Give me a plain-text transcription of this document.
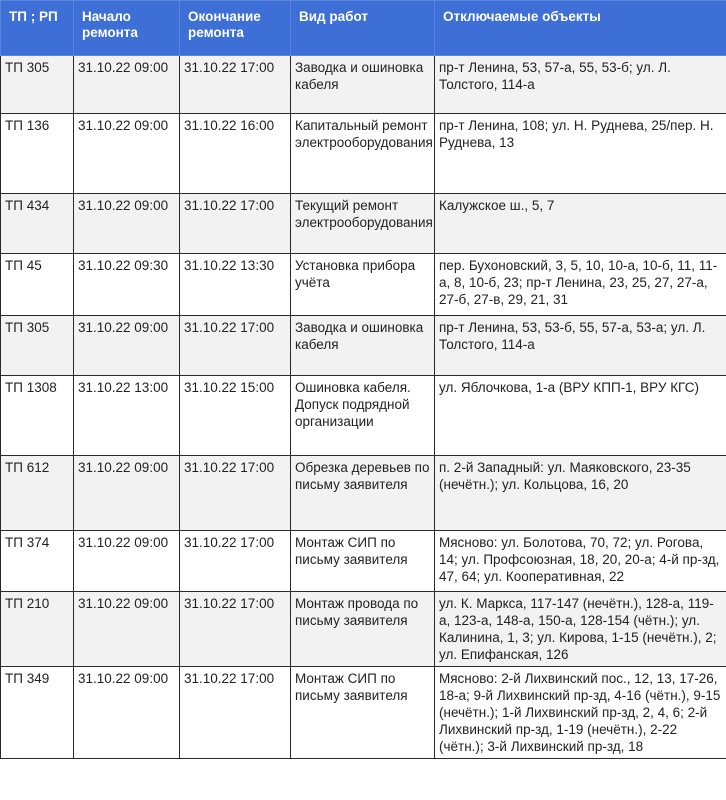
ТП ; РП	Начало ремонта	Окончание ремонта	Вид работ	Отключаемые объекты
ТП 305	31.10.22 09:00	31.10.22 17:00	Заводка и ошиновка кабеля	пр-т Ленина, 53, 57-а, 55, 53-б; ул. Л. Толстого, 114-а
ТП 136	31.10.22 09:00	31.10.22 16:00	Капитальный ремонт электрооборудования	пр-т Ленина, 108; ул. Н. Руднева, 25/пер. Н. Руднева, 13
ТП 434	31.10.22 09:00	31.10.22 17:00	Текущий ремонт электрооборудования	Калужское ш., 5, 7
ТП 45	31.10.22 09:30	31.10.22 13:30	Установка прибора учёта	пер. Бухоновский, 3, 5, 10, 10-а, 10-б, 11, 11-а, 8, 10-б, 23; пр-т Ленина, 23, 25, 27, 27-а, 27-б, 27-в, 29, 21, 31
ТП 305	31.10.22 09:00	31.10.22 17:00	Заводка и ошиновка кабеля	пр-т Ленина, 53, 53-б, 55, 57-а, 53-а; ул. Л. Толстого, 114-а
ТП 1308	31.10.22 13:00	31.10.22 15:00	Ошиновка кабеля. Допуск подрядной организации	ул. Яблочкова, 1-а (ВРУ КПП-1, ВРУ КГС)
ТП 612	31.10.22 09:00	31.10.22 17:00	Обрезка деревьев по письму заявителя	п. 2-й Западный: ул. Маяковского, 23-35 (нечётн.); ул. Кольцова, 16, 20
ТП 374	31.10.22 09:00	31.10.22 17:00	Монтаж СИП по письму заявителя	Мясново: ул. Болотова, 70, 72; ул. Рогова, 14; ул. Профсоюзная, 18, 20, 20-а; 4-й пр-зд, 47, 64; ул. Кооперативная, 22
ТП 210	31.10.22 09:00	31.10.22 17:00	Монтаж провода по письму заявителя	ул. К. Маркса, 117-147 (нечётн.), 128-а, 119-а, 123-а, 148-а, 150-а, 128-154 (чётн.); ул. Калинина, 1, 3; ул. Кирова, 1-15 (нечётн.), 2; ул. Епифанская, 126
ТП 349	31.10.22 09:00	31.10.22 17:00	Монтаж СИП по письму заявителя	Мясново: 2-й Лихвинский пос., 12, 13, 17-26, 18-а; 9-й Лихвинский пр-зд, 4-16 (чётн.), 9-15 (нечётн.); 1-й Лихвинский пр-зд, 2, 4, 6; 2-й Лихвинский пр-зд, 1-19 (нечётн.), 2-22 (чётн.); 3-й Лихвинский пр-зд, 18
